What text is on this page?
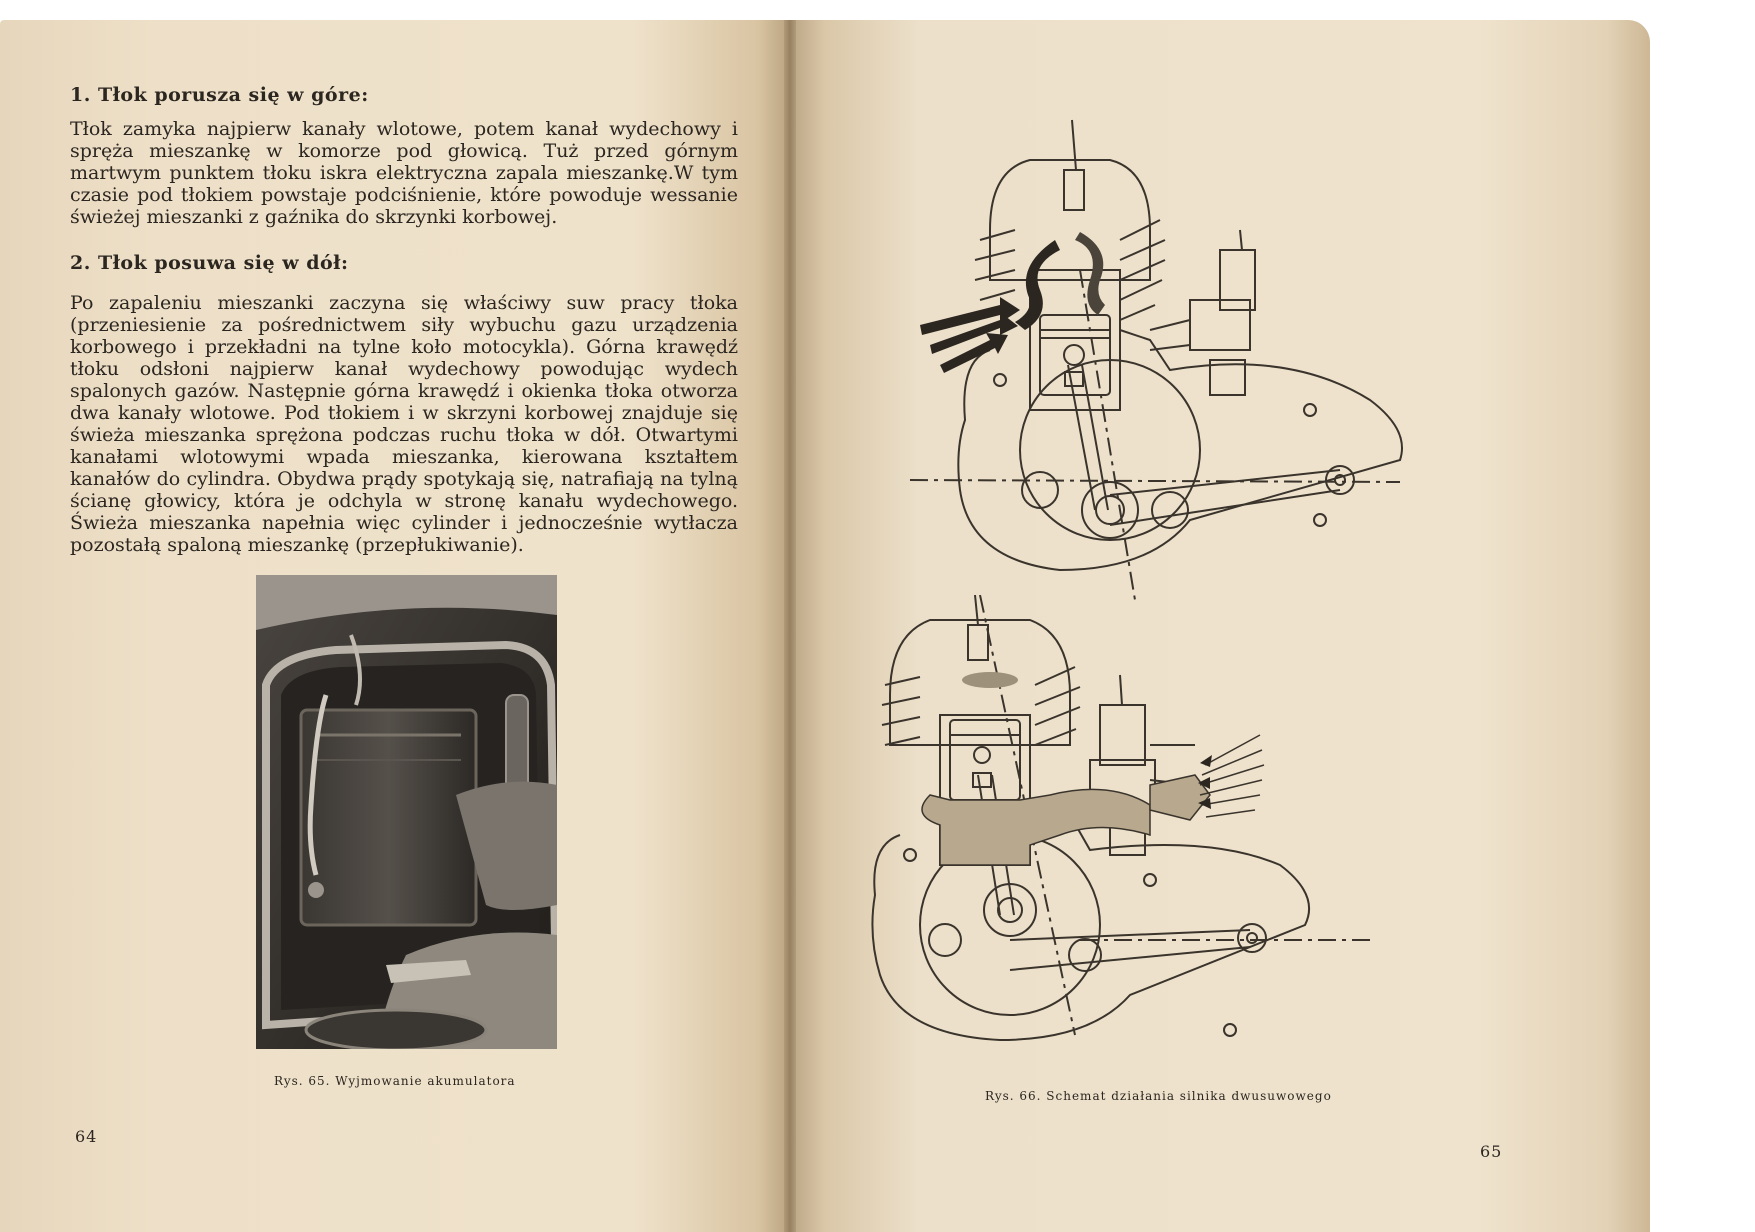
1. Tłok porusza się w góre:

Tłok zamyka najpierw kanały wlotowe, potem kanał wydechowy i spręża mieszankę w komorze pod głowicą. Tuż przed górnym martwym punktem tłoku iskra elektryczna zapala mieszankę.W tym czasie pod tłokiem powstaje podciśnienie, które powoduje wessanie świeżej mieszanki z gaźnika do skrzynki korbowej.

2. Tłok posuwa się w dół:

Po zapaleniu mieszanki zaczyna się właściwy suw pracy tłoka (przeniesienie za pośrednictwem siły wybuchu gazu urządzenia korbowego i przekładni na tylne koło motocykla). Górna krawędź tłoku odsłoni najpierw kanał wydechowy powodując wydech spalonych gazów. Następnie górna krawędź i okienka tłoka otworza dwa kanały wlotowe. Pod tłokiem i w skrzyni korbowej znajduje się świeża mieszanka sprężona podczas ruchu tłoka w dół. Otwartymi kanałami wlotowymi wpada mieszanka, kierowana kształtem kanałów do cylindra. Obydwa prądy spotykają się, natrafiają na tylną ścianę głowicy, która je odchyla w stronę kanału wydechowego. Świeża mieszanka napełnia więc cylinder i jednocześnie wytłacza pozostałą spaloną mieszankę (przepłukiwanie).

Rys. 65. Wyjmowanie akumulatora

64

Rys. 66. Schemat działania silnika dwusuwowego

65
